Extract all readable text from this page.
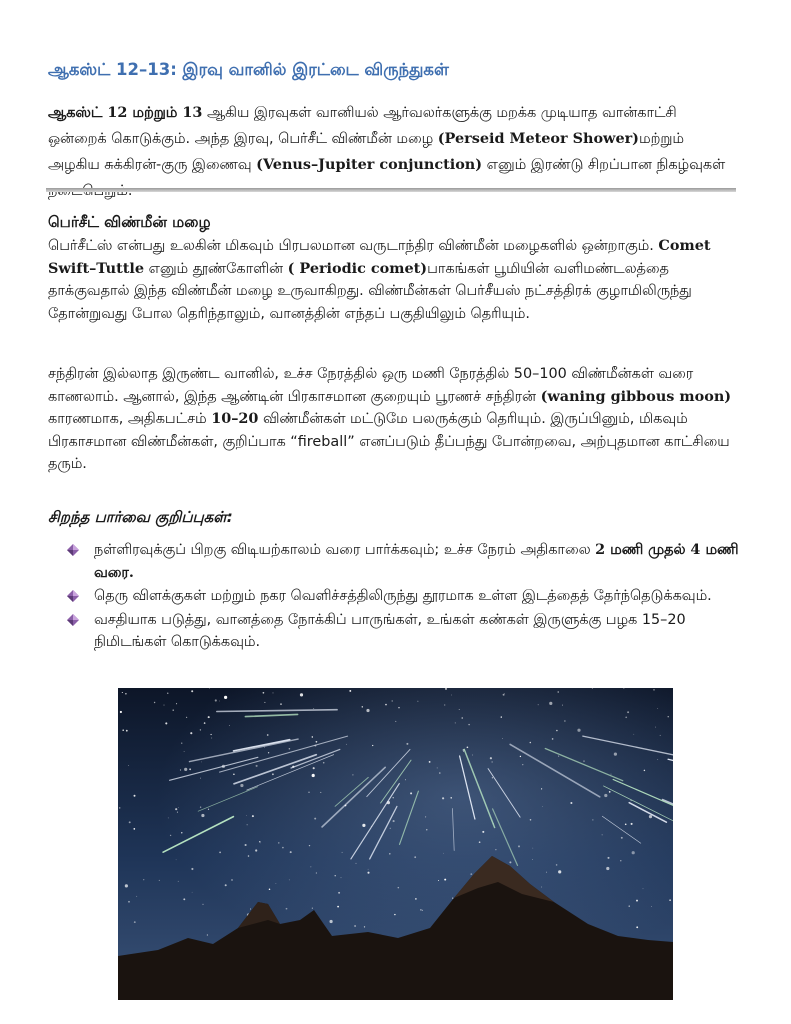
ஆகஸ்ட் 12–13: இரவு வானில் இரட்டை விருந்துகள்

ஆகஸ்ட் 12 மற்றும் 13 ஆகிய இரவுகள் வானியல் ஆர்வலர்களுக்கு மறக்க முடியாத வான்காட்சி ஒன்றைக் கொடுக்கும். அந்த இரவு, பெர்சீட் விண்மீன் மழை (Perseid Meteor Shower)மற்றும் அழகிய சுக்கிரன்-குரு இணைவு (Venus–Jupiter conjunction) எனும் இரண்டு சிறப்பான நிகழ்வுகள்

பெர்சீட் விண்மீன் மழை

பெர்சீட்ஸ் என்பது உலகின் மிகவும் பிரபலமான வருடாந்திர விண்மீன் மழைகளில் ஒன்றாகும். Comet Swift–Tuttle எனும் தூண்கோளின் ( Periodic comet)பாகங்கள் பூமியின் வளிமண்டலத்தை தாக்குவதால் இந்த விண்மீன் மழை உருவாகிறது. விண்மீன்கள் பெர்சீயஸ் நட்சத்திரக் குழாமிலிருந்து தோன்றுவது போல தெரிந்தாலும், வானத்தின் எந்தப் பகுதியிலும் தெரியும்.

சந்திரன் இல்லாத இருண்ட வானில், உச்ச நேரத்தில் ஒரு மணி நேரத்தில் 50–100 விண்மீன்கள் வரை காணலாம். ஆனால், இந்த ஆண்டின் பிரகாசமான குறையும் பூரணச் சந்திரன் (waning gibbous moon) காரணமாக, அதிகபட்சம் 10–20 விண்மீன்கள் மட்டுமே பலருக்கும் தெரியும். இருப்பினும், மிகவும் பிரகாசமான விண்மீன்கள், குறிப்பாக “fireball” எனப்படும் தீப்பந்து போன்றவை, அற்புதமான காட்சியை தரும்.

சிறந்த பார்வை குறிப்புகள்:
நள்ளிரவுக்குப் பிறகு விடியற்காலம் வரை பார்க்கவும்; உச்ச நேரம் அதிகாலை 2 மணி முதல் 4 மணி வரை.
தெரு விளக்குகள் மற்றும் நகர வெளிச்சத்திலிருந்து தூரமாக உள்ள இடத்தைத் தேர்ந்தெடுக்கவும்.
வசதியாக படுத்து, வானத்தை நோக்கிப் பாருங்கள், உங்கள் கண்கள் இருளுக்கு பழக 15–20 நிமிடங்கள் கொடுக்கவும்.
